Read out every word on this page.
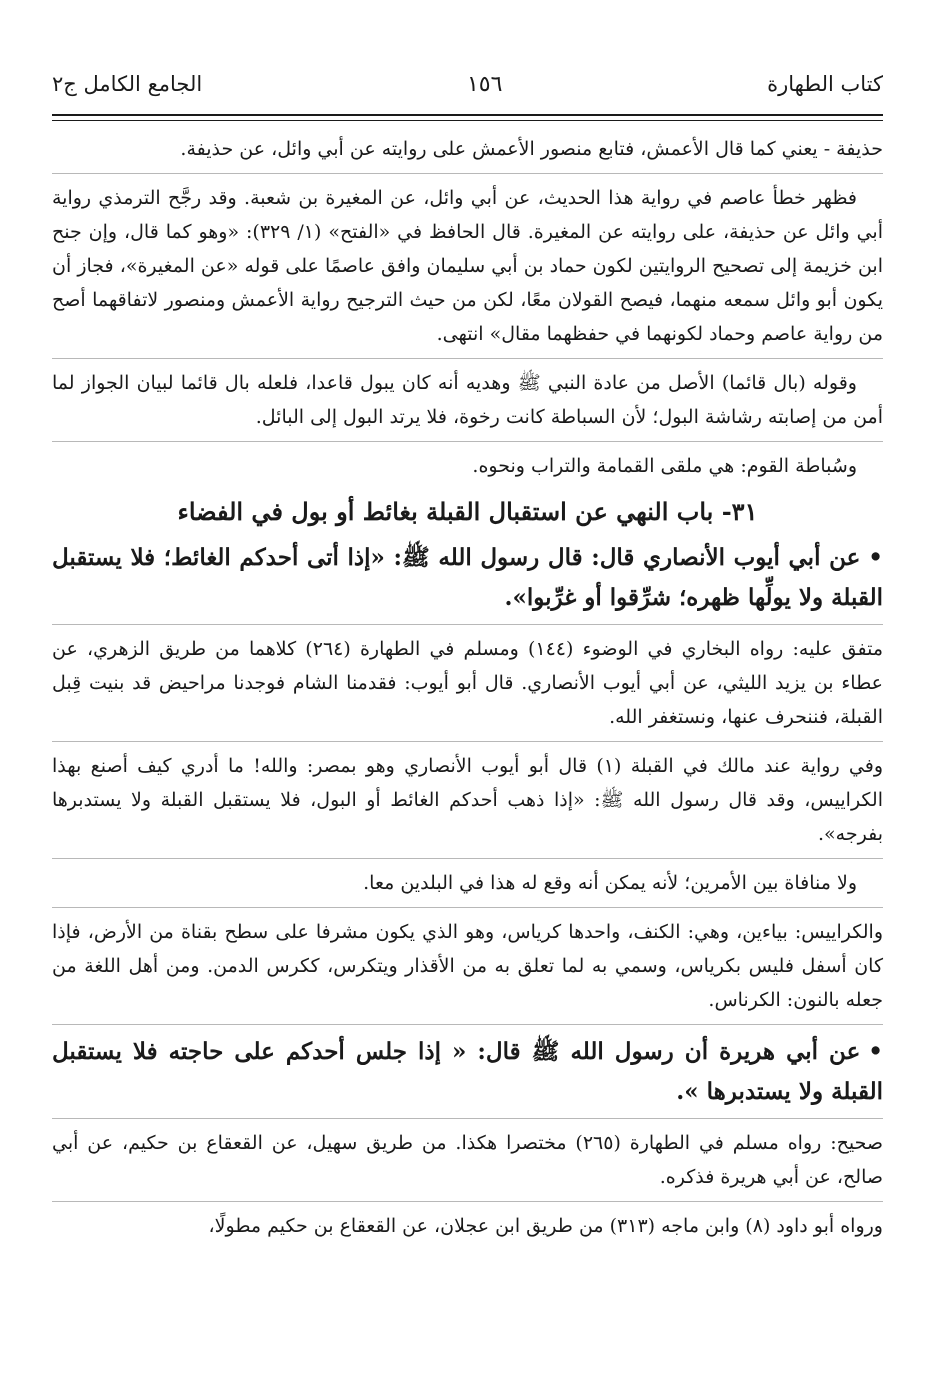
كتاب الطهارة
١٥٦
الجامع الكامل ج٢

حذيفة - يعني كما قال الأعمش، فتابع منصور الأعمش على روايته عن أبي وائل، عن حذيفة.

فظهر خطأ عاصم في رواية هذا الحديث، عن أبي وائل، عن المغيرة بن شعبة. وقد رجَّح الترمذي رواية أبي وائل عن حذيفة، على روايته عن المغيرة. قال الحافظ في «الفتح» (١/ ٣٢٩): «وهو كما قال، وإن جنح ابن خزيمة إلى تصحيح الروايتين لكون حماد بن أبي سليمان وافق عاصمًا على قوله «عن المغيرة»، فجاز أن يكون أبو وائل سمعه منهما، فيصح القولان معًا، لكن من حيث الترجيح رواية الأعمش ومنصور لاتفاقهما أصح من رواية عاصم وحماد لكونهما في حفظهما مقال» انتهى.

وقوله (بال قائما) الأصل من عادة النبي ﷺ وهديه أنه كان يبول قاعدا، فلعله بال قائما لبيان الجواز لما أمن من إصابته رشاشة البول؛ لأن السباطة كانت رخوة، فلا يرتد البول إلى البائل.

وسُباطة القوم: هي ملقى القمامة والتراب ونحوه.

٣١- باب النهي عن استقبال القبلة بغائط أو بول في الفضاء
•عن أبي أيوب الأنصاري قال: قال رسول الله ﷺ: «إذا أتى أحدكم الغائط؛ فلا يستقبل القبلة ولا يولِّها ظهره؛ شرِّقوا أو غرِّبوا».

متفق عليه: رواه البخاري في الوضوء (١٤٤) ومسلم في الطهارة (٢٦٤) كلاهما من طريق الزهري، عن عطاء بن يزيد الليثي، عن أبي أيوب الأنصاري. قال أبو أيوب: فقدمنا الشام فوجدنا مراحيض قد بنيت قِبل القبلة، فننحرف عنها، ونستغفر الله.

وفي رواية عند مالك في القبلة (١) قال أبو أيوب الأنصاري وهو بمصر: والله! ما أدري كيف أصنع بهذا الكراييس، وقد قال رسول الله ﷺ: «إذا ذهب أحدكم الغائط أو البول، فلا يستقبل القبلة ولا يستدبرها بفرجه».

ولا منافاة بين الأمرين؛ لأنه يمكن أنه وقع له هذا في البلدين معا.

والكراييس: بياءين، وهي: الكنف، واحدها كرياس، وهو الذي يكون مشرفا على سطح بقناة من الأرض، فإذا كان أسفل فليس بكرياس، وسمي به لما تعلق به من الأقذار ويتكرس، ككرس الدمن. ومن أهل اللغة من جعله بالنون: الكرناس.

•عن أبي هريرة أن رسول الله ﷺ قال: « إذا جلس أحدكم على حاجته فلا يستقبل القبلة ولا يستدبرها ».

صحيح: رواه مسلم في الطهارة (٢٦٥) مختصرا هكذا. من طريق سهيل، عن القعقاع بن حكيم، عن أبي صالح، عن أبي هريرة فذكره.

ورواه أبو داود (٨) وابن ماجه (٣١٣) من طريق ابن عجلان، عن القعقاع بن حكيم مطولًا،
